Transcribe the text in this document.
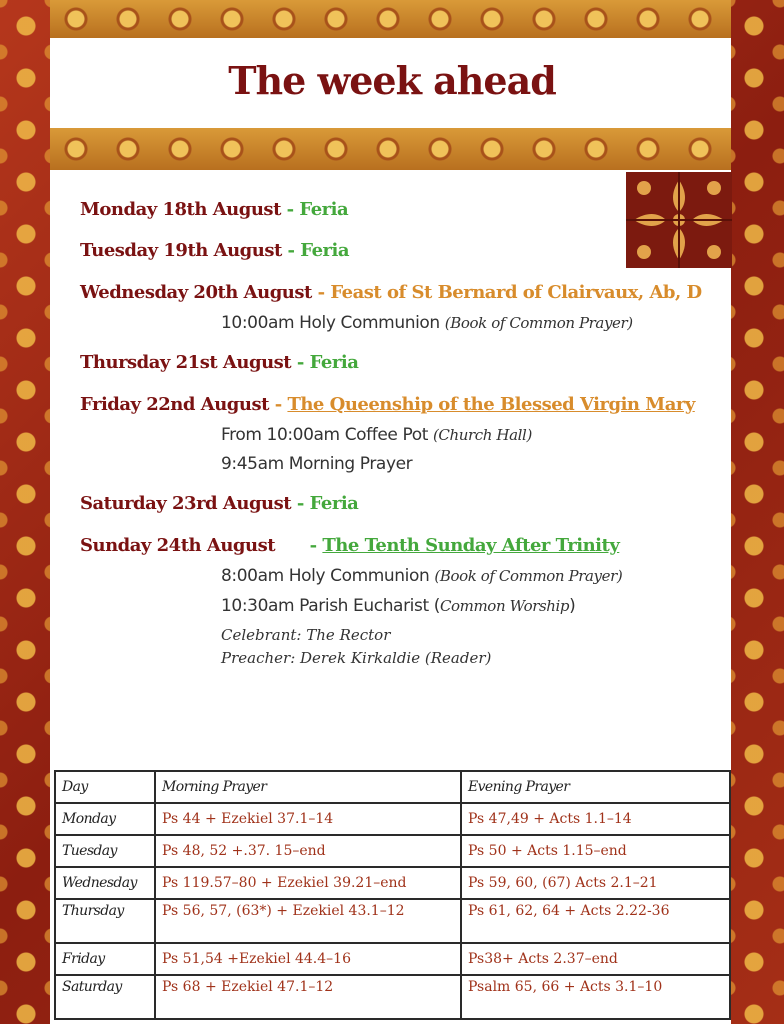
The week ahead
Monday 18th August - Feria
Tuesday 19th August - Feria
Wednesday 20th August - Feast of St Bernard of Clairvaux, Ab, D
10:00am Holy Communion (Book of Common Prayer)
Thursday 21st August - Feria
Friday 22nd August - The Queenship of the Blessed Virgin Mary
From 10:00am Coffee Pot (Church Hall)
9:45am Morning Prayer
Saturday 23rd August - Feria
Sunday 24th August      - The Tenth Sunday After Trinity
8:00am Holy Communion (Book of Common Prayer)
10:30am Parish Eucharist (Common Worship)
Celebrant: The Rector
Preacher: Derek Kirkaldie (Reader)
Day	Morning Prayer	Evening Prayer
Monday	Ps 44 + Ezekiel 37.1–14	Ps 47,49 + Acts 1.1–14
Tuesday	Ps 48, 52 +.37. 15–end	Ps 50 + Acts 1.15–end
Wednesday	Ps 119.57–80 + Ezekiel 39.21–end	Ps 59, 60, (67) Acts 2.1–21
Thursday	Ps 56, 57, (63*) + Ezekiel 43.1–12	Ps 61, 62, 64 + Acts 2.22-36
Friday	Ps 51,54 +Ezekiel 44.4–16	Ps38+ Acts 2.37–end
Saturday	Ps 68 + Ezekiel 47.1–12	Psalm 65, 66 + Acts 3.1–10
